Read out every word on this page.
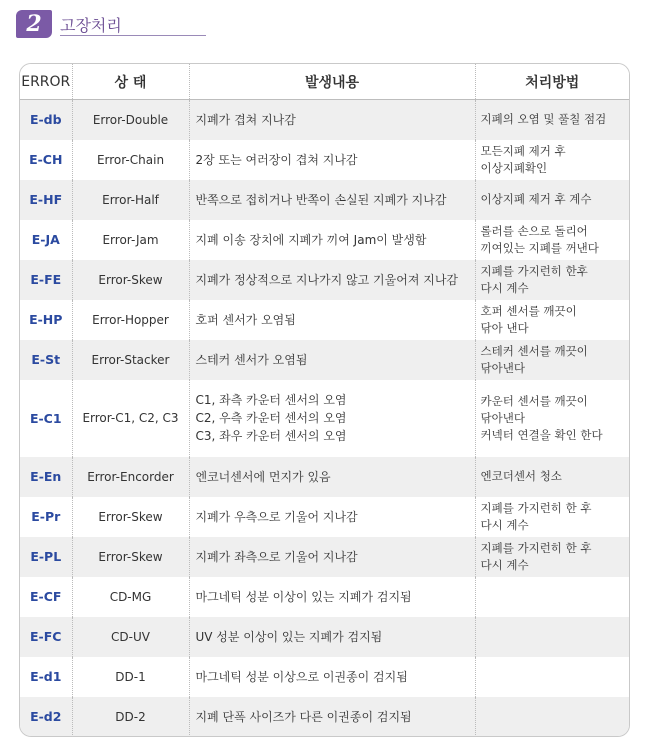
2	고장처리
ERROR	상 태	발생내용	처리방법
E-db	Error-Double	지폐가 겹쳐 지나감	지폐의 오염 및 풀칠 점검

E-CH	Error-Chain	2장 또는 여러장이 겹쳐 지나감	모든지폐 제거 후
이상지폐확인

E-HF	Error-Half	반쪽으로 접히거나 반쪽이 손실된 지폐가 지나감	이상지폐 제거 후 계수

E-JA	Error-Jam	지폐 이송 장치에 지폐가 끼여 Jam이 발생함	롤러를 손으로 돌리어
끼여있는 지폐를 꺼낸다

E-FE	Error-Skew	지폐가 정상적으로 지나가지 않고 기울어져 지나감	지폐를 가지런히 한후
다시 계수

E-HP	Error-Hopper	호퍼 센서가 오염됨	호퍼 센서를 깨끗이
닦아 낸다

E-St	Error-Stacker	스테커 센서가 오염됨	스테커 센서를 깨끗이
닦아낸다

E-C1	Error-C1, C2, C3	C1, 좌측 카운터 센서의 오염
C2, 우측 카운터 센서의 오염
C3, 좌우 카운터 센서의 오염	카운터 센서를 깨끗이
닦아낸다
커넥터 연결을 확인 한다

E-En	Error-Encorder	엔코너센서에 먼지가 있음	엔코더센서 청소

E-Pr	Error-Skew	지폐가 우측으로 기울어 지나감	지폐를 가지런히 한 후
다시 계수

E-PL	Error-Skew	지폐가 좌측으로 기울어 지나감	지폐를 가지런히 한 후
다시 계수

E-CF	CD-MG	마그네틱 성분 이상이 있는 지폐가 검지됨	

E-FC	CD-UV	UV 성분 이상이 있는 지폐가 검지됨	

E-d1	DD-1	마그네틱 성분 이상으로 이권종이 검지됨	

E-d2	DD-2	지폐 단폭 사이즈가 다른 이권종이 검지됨	
